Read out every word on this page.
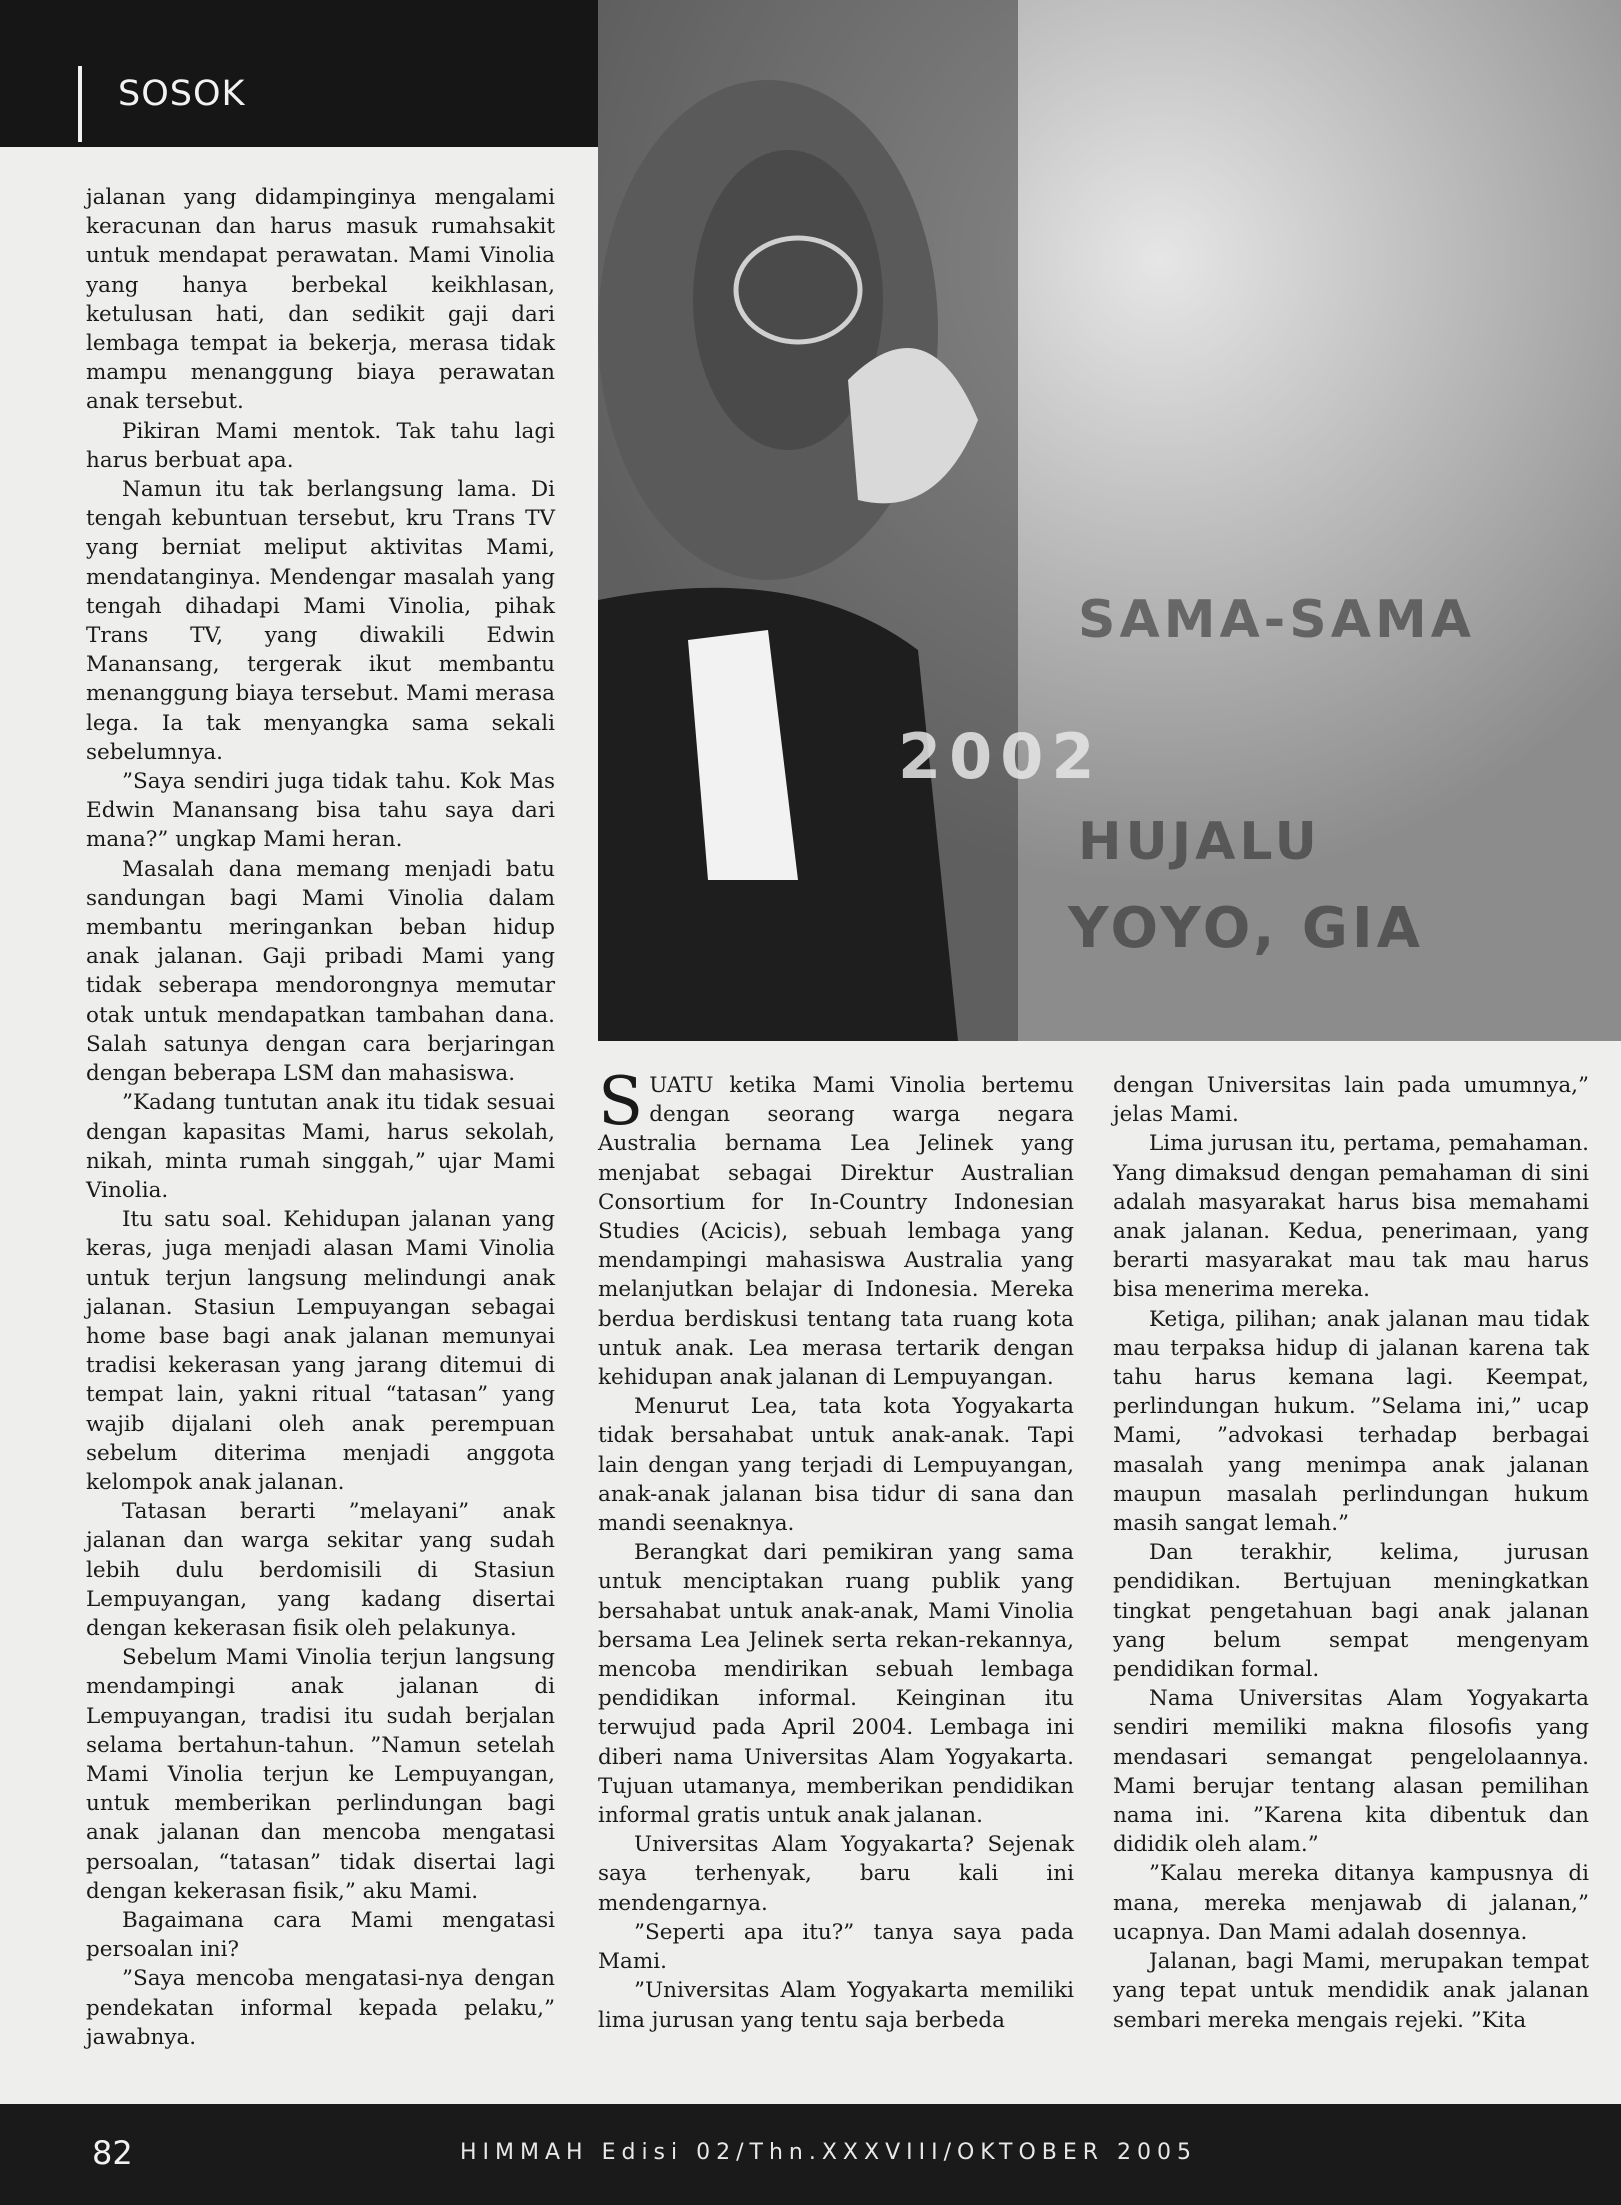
SOSOK
SAMA-SAMA
2002
HUJALU
YOYO, GIA

jalanan yang didampinginya mengalami keracunan dan harus masuk rumahsakit untuk mendapat perawatan. Mami Vinolia yang hanya berbekal keikhlasan, ketulusan hati, dan sedikit gaji dari lembaga tempat ia bekerja, merasa tidak mampu menanggung biaya perawatan anak tersebut.

Pikiran Mami mentok. Tak tahu lagi harus berbuat apa.

Namun itu tak berlangsung lama. Di tengah kebuntuan tersebut, kru Trans TV yang berniat meliput aktivitas Mami, mendatanginya. Mendengar masalah yang tengah dihadapi Mami Vinolia, pihak Trans TV, yang diwakili Edwin Manansang, tergerak ikut membantu menanggung biaya tersebut. Mami merasa lega. Ia tak menyangka sama sekali sebelumnya.

”Saya sendiri juga tidak tahu. Kok Mas Edwin Manansang bisa tahu saya dari mana?” ungkap Mami heran.

Masalah dana memang menjadi batu sandungan bagi Mami Vinolia dalam membantu meringankan beban hidup anak jalanan. Gaji pribadi Mami yang tidak seberapa mendorongnya memutar otak untuk mendapatkan tambahan dana. Salah satunya dengan cara berjaringan dengan beberapa LSM dan mahasiswa.

”Kadang tuntutan anak itu tidak sesuai dengan kapasitas Mami, harus sekolah, nikah, minta rumah singgah,” ujar Mami Vinolia.

Itu satu soal. Kehidupan jalanan yang keras, juga menjadi alasan Mami Vinolia untuk terjun langsung melindungi anak jalanan. Stasiun Lempuyangan sebagai home base bagi anak jalanan memunyai tradisi kekerasan yang jarang ditemui di tempat lain, yakni ritual “tatasan” yang wajib dijalani oleh anak perempuan sebelum diterima menjadi anggota kelompok anak jalanan.

Tatasan berarti ”melayani” anak jalanan dan warga sekitar yang sudah lebih dulu berdomisili di Stasiun Lempuyangan, yang kadang disertai dengan kekerasan fisik oleh pelakunya.

Sebelum Mami Vinolia terjun langsung mendampingi anak jalanan di Lempuyangan, tradisi itu sudah berjalan selama bertahun-tahun. ”Namun setelah Mami Vinolia terjun ke Lempuyangan, untuk memberikan perlindungan bagi anak jalanan dan mencoba mengatasi persoalan, “tatasan” tidak disertai lagi dengan kekerasan fisik,” aku Mami.

Bagaimana cara Mami mengatasi persoalan ini?

”Saya mencoba mengatasi-nya dengan pendekatan informal kepada pelaku,” jawabnya.

SUATU ketika Mami Vinolia bertemu dengan seorang warga negara Australia bernama Lea Jelinek yang menjabat sebagai Direktur Australian Consortium for In-Country Indonesian Studies (Acicis), sebuah lembaga yang mendampingi mahasiswa Australia yang melanjutkan belajar di Indonesia. Mereka berdua berdiskusi tentang tata ruang kota untuk anak. Lea merasa tertarik dengan kehidupan anak jalanan di Lempuyangan.

Menurut Lea, tata kota Yogyakarta tidak bersahabat untuk anak-anak. Tapi lain dengan yang terjadi di Lempuyangan, anak-anak jalanan bisa tidur di sana dan mandi seenaknya.

Berangkat dari pemikiran yang sama untuk menciptakan ruang publik yang bersahabat untuk anak-anak, Mami Vinolia bersama Lea Jelinek serta rekan-rekannya, mencoba mendirikan sebuah lembaga pendidikan informal. Keinginan itu terwujud pada April 2004. Lembaga ini diberi nama Universitas Alam Yogyakarta. Tujuan utamanya, memberikan pendidikan informal gratis untuk anak jalanan.

Universitas Alam Yogyakarta? Sejenak saya terhenyak, baru kali ini mendengarnya.

”Seperti apa itu?” tanya saya pada Mami.

”Universitas Alam Yogyakarta memiliki lima jurusan yang tentu saja berbeda

dengan Universitas lain pada umumnya,” jelas Mami.

Lima jurusan itu, pertama, pemahaman. Yang dimaksud dengan pemahaman di sini adalah masyarakat harus bisa memahami anak jalanan. Kedua, penerimaan, yang berarti masyarakat mau tak mau harus bisa menerima mereka.

Ketiga, pilihan; anak jalanan mau tidak mau terpaksa hidup di jalanan karena tak tahu harus kemana lagi. Keempat, perlindungan hukum. ”Selama ini,” ucap Mami, ”advokasi terhadap berbagai masalah yang menimpa anak jalanan maupun masalah perlindungan hukum masih sangat lemah.”

Dan terakhir, kelima, jurusan pendidikan. Bertujuan meningkatkan tingkat pengetahuan bagi anak jalanan yang belum sempat mengenyam pendidikan formal.

Nama Universitas Alam Yogyakarta sendiri memiliki makna filosofis yang mendasari semangat pengelolaannya. Mami berujar tentang alasan pemilihan nama ini. ”Karena kita dibentuk dan dididik oleh alam.”

”Kalau mereka ditanya kampusnya di mana, mereka menjawab di jalanan,” ucapnya. Dan Mami adalah dosennya.

Jalanan, bagi Mami, merupakan tempat yang tepat untuk mendidik anak jalanan sembari mereka mengais rejeki. ”Kita

82	HIMMAH Edisi 02/Thn.XXXVIII/OKTOBER 2005
